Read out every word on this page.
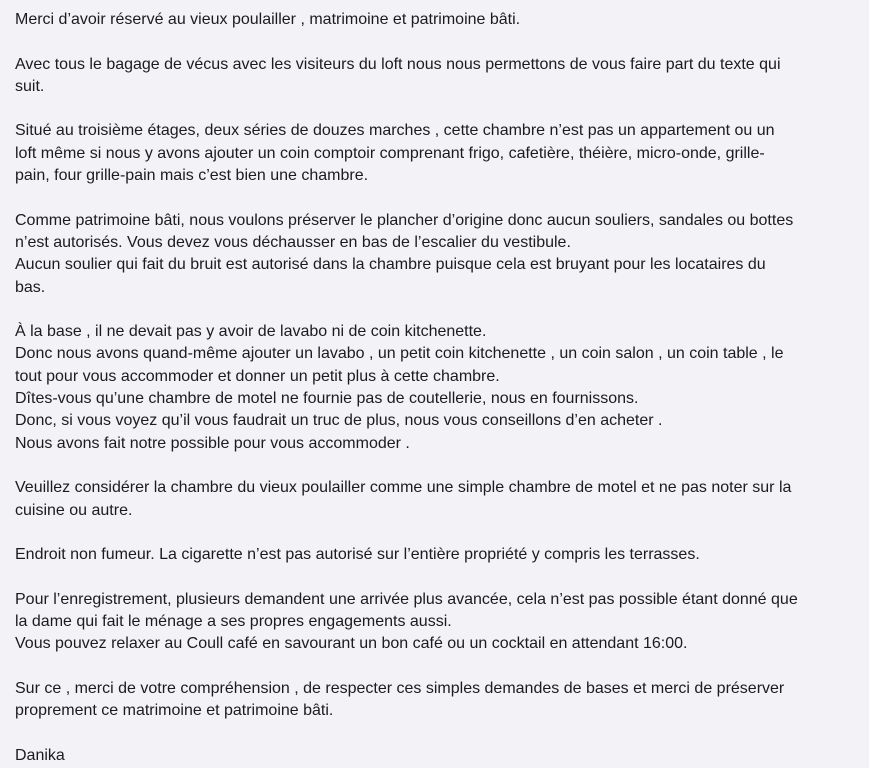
Merci d’avoir réservé au vieux poulailler , matrimoine et patrimoine bâti.
Avec tous le bagage de vécus avec les visiteurs du loft nous nous permettons de vous faire part du texte qui
suit.
Situé au troisième étages, deux séries de douzes marches , cette chambre n’est pas un appartement ou un
loft même si nous y avons ajouter un coin comptoir comprenant frigo, cafetière, théière, micro-onde, grille-
pain, four grille-pain mais c’est bien une chambre.
Comme patrimoine bâti, nous voulons préserver le plancher d’origine donc aucun souliers, sandales ou bottes
n’est autorisés. Vous devez vous déchausser en bas de l’escalier du vestibule.
Aucun soulier qui fait du bruit est autorisé dans la chambre puisque cela est bruyant pour les locataires du
bas.
À la base , il ne devait pas y avoir de lavabo ni de coin kitchenette.
Donc nous avons quand-même ajouter un lavabo , un petit coin kitchenette , un coin salon , un coin table , le
tout pour vous accommoder et donner un petit plus à cette chambre.
Dîtes-vous qu’une chambre de motel ne fournie pas de coutellerie, nous en fournissons.
Donc, si vous voyez qu’il vous faudrait un truc de plus, nous vous conseillons d’en acheter .
Nous avons fait notre possible pour vous accommoder .
Veuillez considérer la chambre du vieux poulailler comme une simple chambre de motel et ne pas noter sur la
cuisine ou autre.
Endroit non fumeur. La cigarette n’est pas autorisé sur l’entière propriété y compris les terrasses.
Pour l’enregistrement, plusieurs demandent une arrivée plus avancée, cela n’est pas possible étant donné que
la dame qui fait le ménage a ses propres engagements aussi.
Vous pouvez relaxer au Coull café en savourant un bon café ou un cocktail en attendant 16:00.
Sur ce , merci de votre compréhension , de respecter ces simples demandes de bases et merci de préserver
proprement ce matrimoine et patrimoine bâti.
Danika
